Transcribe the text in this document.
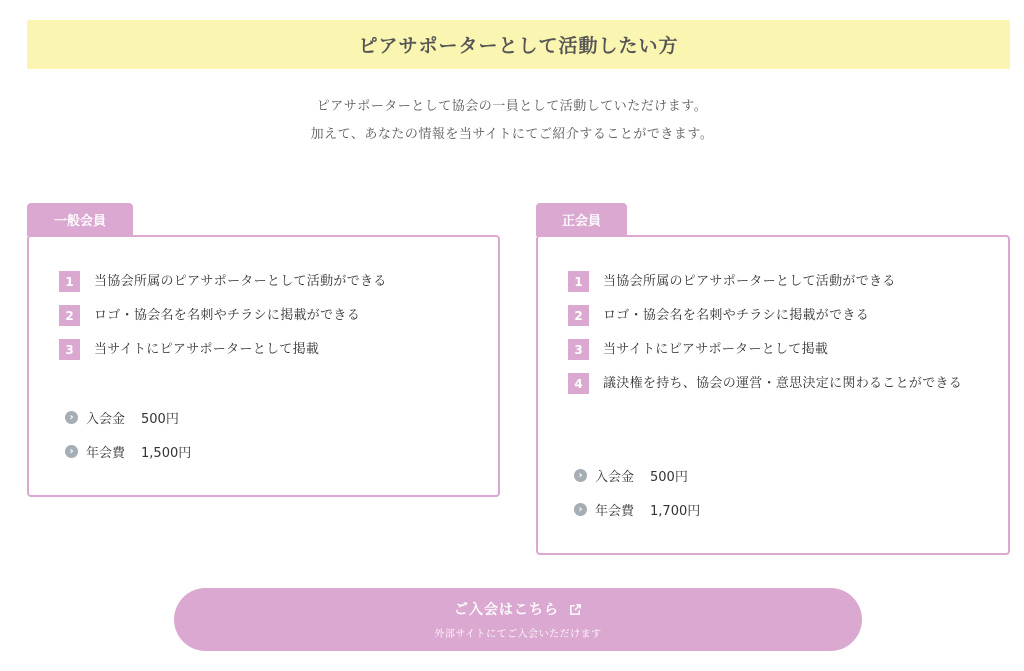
ピアサポーターとして活動したい方

ピアサポーターとして協会の一員として活動していただけます。

加えて、あなたの情報を当サイトにてご紹介することができます。

一般会員
1	当協会所属のピアサポーターとして活動ができる
2	ロゴ・協会名を名刺やチラシに掲載ができる
3	当サイトにピアサポーターとして掲載
› 入会金 500円
› 年会費 1,500円
正会員
1	当協会所属のピアサポーターとして活動ができる
2	ロゴ・協会名を名刺やチラシに掲載ができる
3	当サイトにピアサポーターとして掲載
4	議決権を持ち、協会の運営・意思決定に関わることができる
› 入会金 500円
› 年会費 1,700円
ご入会はこちら
外部サイトにてご入会いただけます
